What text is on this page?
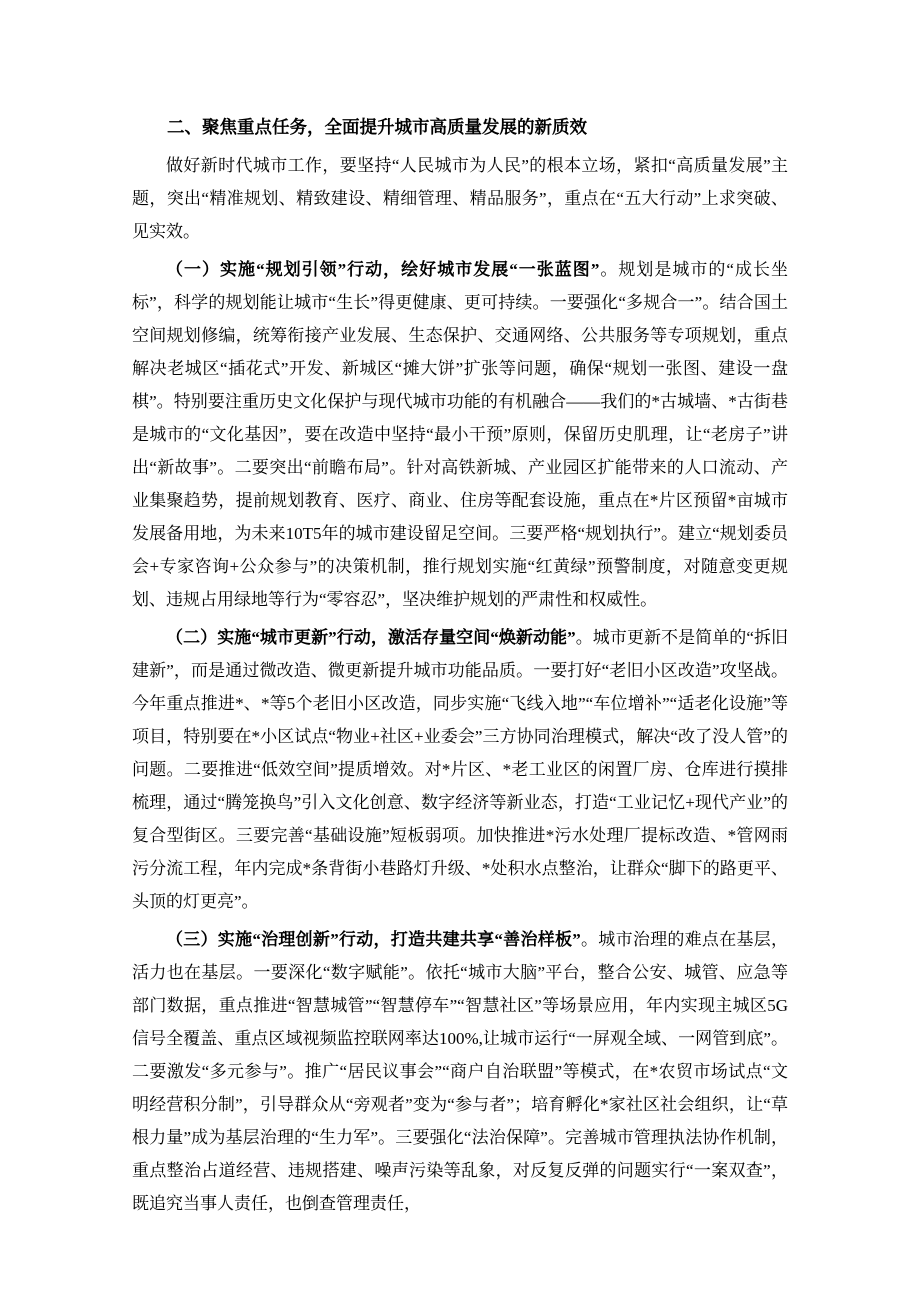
二、聚焦重点任务，全面提升城市高质量发展的新质效

做好新时代城市工作，要坚持“人民城市为人民”的根本立场，紧扣“高质量发展”主题，突出“精准规划、精致建设、精细管理、精品服务”，重点在“五大行动”上求突破、见实效。

（一）实施“规划引领”行动，绘好城市发展“一张蓝图”。规划是城市的“成长坐标”，科学的规划能让城市“生长”得更健康、更可持续。一要强化“多规合一”。结合国土空间规划修编，统筹衔接产业发展、生态保护、交通网络、公共服务等专项规划，重点解决老城区“插花式”开发、新城区“摊大饼”扩张等问题，确保“规划一张图、建设一盘棋”。特别要注重历史文化保护与现代城市功能的有机融合——我们的*古城墙、*古街巷是城市的“文化基因”，要在改造中坚持“最小干预”原则，保留历史肌理，让“老房子”讲出“新故事”。二要突出“前瞻布局”。针对高铁新城、产业园区扩能带来的人口流动、产业集聚趋势，提前规划教育、医疗、商业、住房等配套设施，重点在*片区预留*亩城市发展备用地，为未来10T5年的城市建设留足空间。三要严格“规划执行”。建立“规划委员会+专家咨询+公众参与”的决策机制，推行规划实施“红黄绿”预警制度，对随意变更规划、违规占用绿地等行为“零容忍”，坚决维护规划的严肃性和权威性。

（二）实施“城市更新”行动，激活存量空间“焕新动能”。城市更新不是简单的“拆旧建新”，而是通过微改造、微更新提升城市功能品质。一要打好“老旧小区改造”攻坚战。今年重点推进*、*等5个老旧小区改造，同步实施“飞线入地”“车位增补”“适老化设施”等项目，特别要在*小区试点“物业+社区+业委会”三方协同治理模式，解决“改了没人管”的问题。二要推进“低效空间”提质增效。对*片区、*老工业区的闲置厂房、仓库进行摸排梳理，通过“腾笼换鸟”引入文化创意、数字经济等新业态，打造“工业记忆+现代产业”的复合型街区。三要完善“基础设施”短板弱项。加快推进*污水处理厂提标改造、*管网雨污分流工程，年内完成*条背街小巷路灯升级、*处积水点整治，让群众“脚下的路更平、头顶的灯更亮”。

（三）实施“治理创新”行动，打造共建共享“善治样板”。城市治理的难点在基层，活力也在基层。一要深化“数字赋能”。依托“城市大脑”平台，整合公安、城管、应急等部门数据，重点推进“智慧城管”“智慧停车”“智慧社区”等场景应用，年内实现主城区5G信号全覆盖、重点区域视频监控联网率达100%,让城市运行“一屏观全域、一网管到底”。二要激发“多元参与”。推广“居民议事会”“商户自治联盟”等模式，在*农贸市场试点“文明经营积分制”，引导群众从“旁观者”变为“参与者”；培育孵化*家社区社会组织，让“草根力量”成为基层治理的“生力军”。三要强化“法治保障”。完善城市管理执法协作机制，重点整治占道经营、违规搭建、噪声污染等乱象，对反复反弹的问题实行“一案双查”，既追究当事人责任，也倒查管理责任，
